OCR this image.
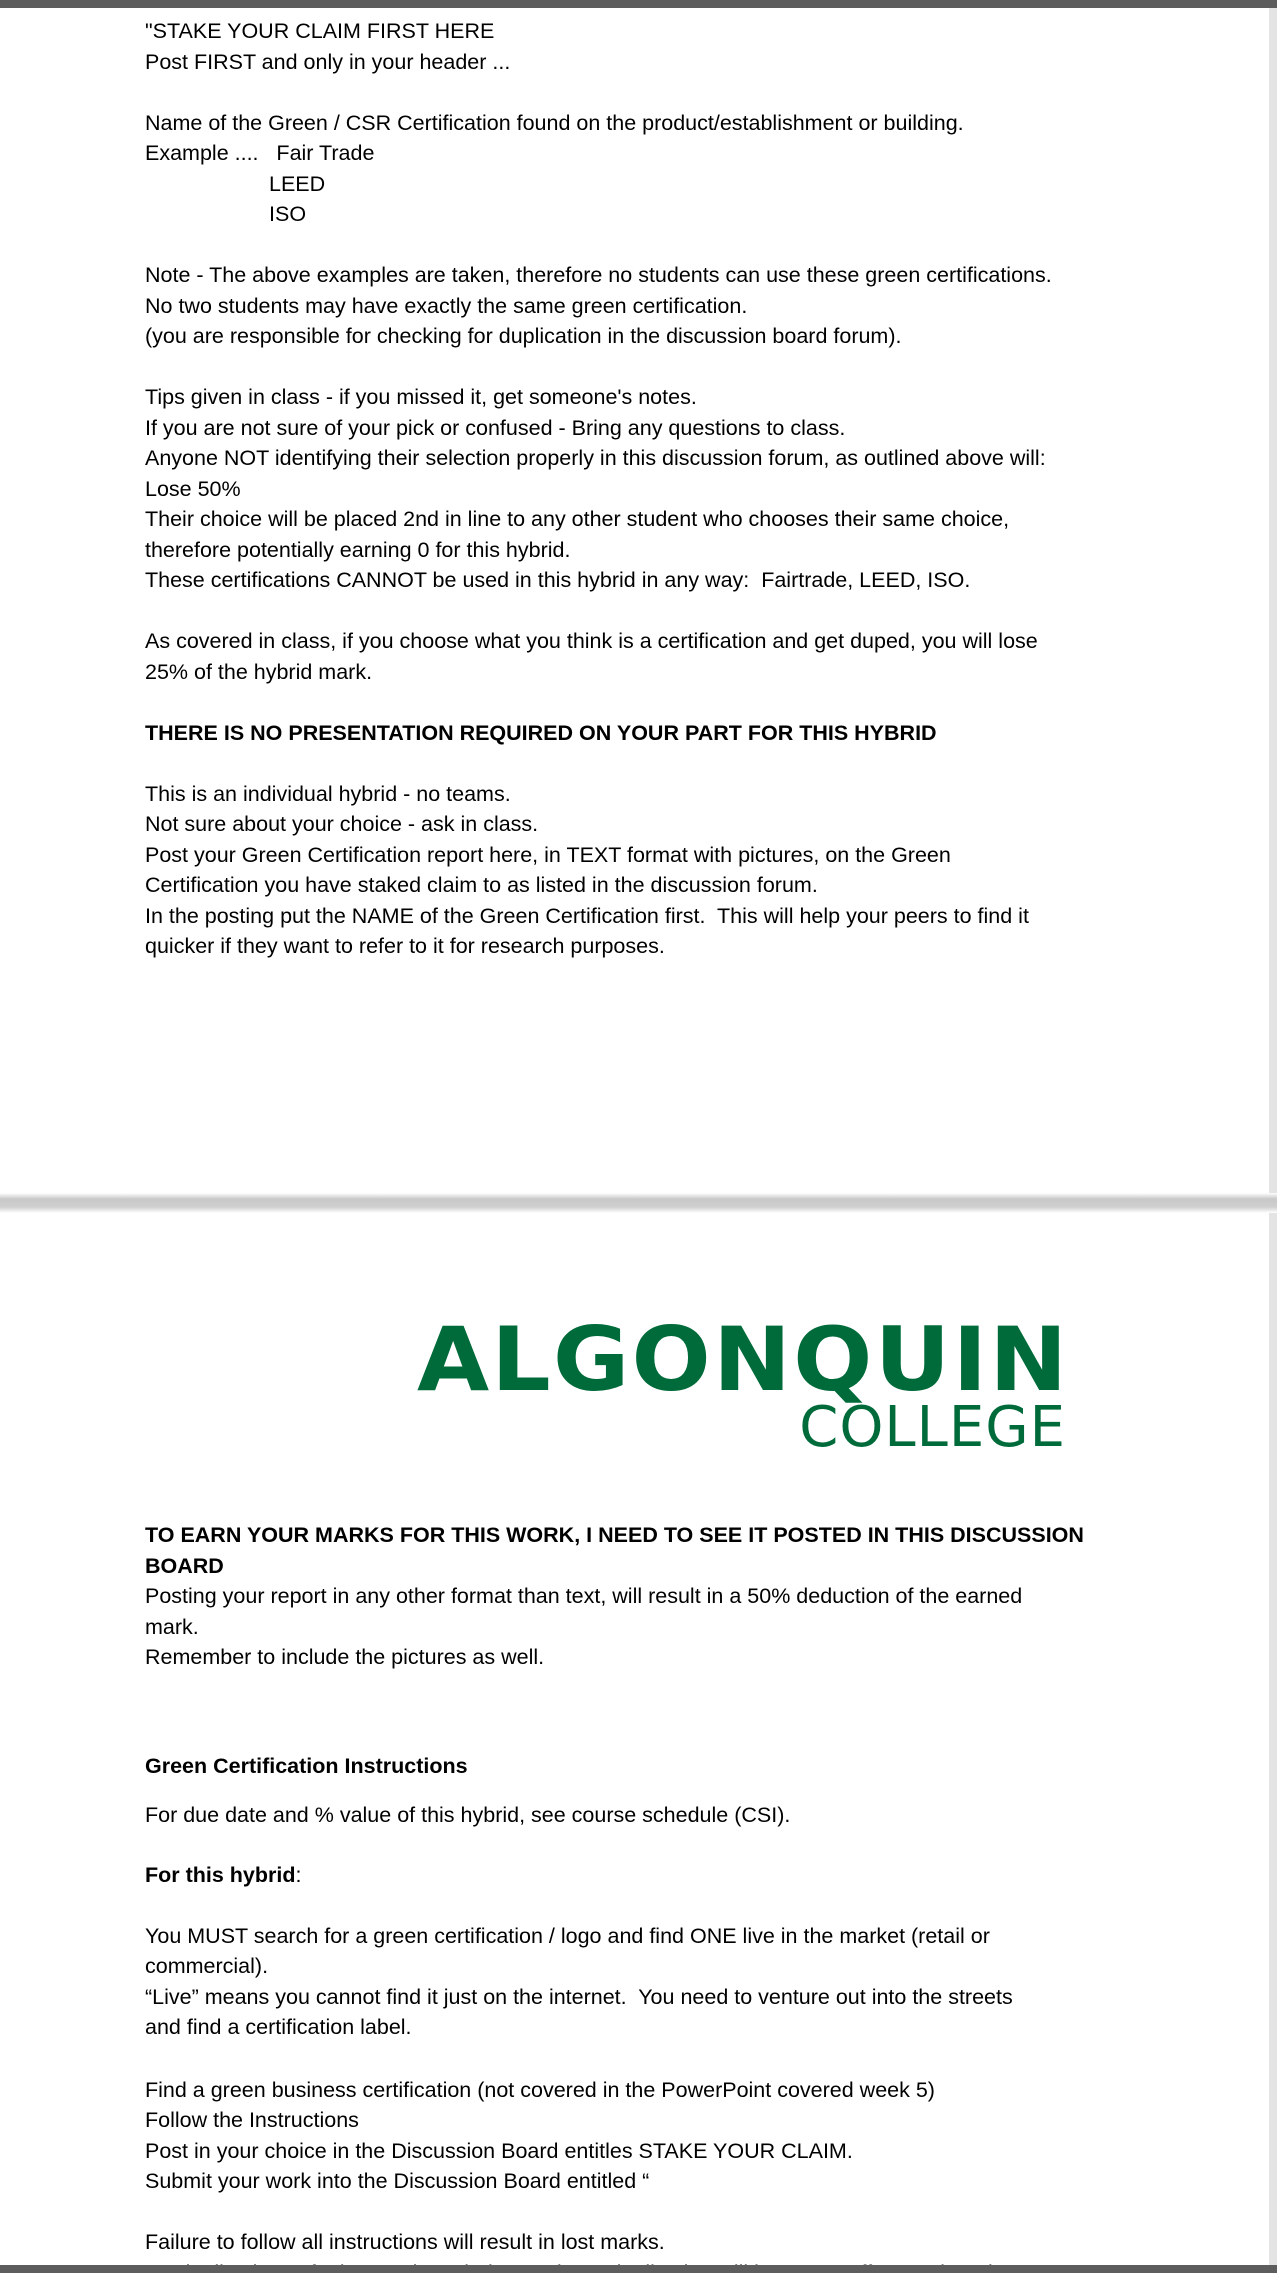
"STAKE YOUR CLAIM FIRST HERE

Post FIRST and only in your header ...

Name of the Green / CSR Certification found on the product/establishment or building.

Example ....   Fair Trade

LEED

ISO

Note - The above examples are taken, therefore no students can use these green certifications.

No two students may have exactly the same green certification.

(you are responsible for checking for duplication in the discussion board forum).

Tips given in class - if you missed it, get someone's notes.

If you are not sure of your pick or confused - Bring any questions to class.

Anyone NOT identifying their selection properly in this discussion forum, as outlined above will:

Lose 50%

Their choice will be placed 2nd in line to any other student who chooses their same choice,

therefore potentially earning 0 for this hybrid.

These certifications CANNOT be used in this hybrid in any way:  Fairtrade, LEED, ISO.

As covered in class, if you choose what you think is a certification and get duped, you will lose

25% of the hybrid mark.

THERE IS NO PRESENTATION REQUIRED ON YOUR PART FOR THIS HYBRID

This is an individual hybrid - no teams.

Not sure about your choice - ask in class.

Post your Green Certification report here, in TEXT format with pictures, on the Green

Certification you have staked claim to as listed in the discussion forum.

In the posting put the NAME of the Green Certification first.  This will help your peers to find it

quicker if they want to refer to it for research purposes.

ALGONQUIN
COLLEGE

TO EARN YOUR MARKS FOR THIS WORK, I NEED TO SEE IT POSTED IN THIS DISCUSSION

BOARD

Posting your report in any other format than text, will result in a 50% deduction of the earned

mark.

Remember to include the pictures as well.

Green Certification Instructions

For due date and % value of this hybrid, see course schedule (CSI).

For this hybrid:

You MUST search for a green certification / logo and find ONE live in the market (retail or

commercial).

“Live” means you cannot find it just on the internet.  You need to venture out into the streets

and find a certification label.

Find a green business certification (not covered in the PowerPoint covered week 5)

Follow the Instructions

Post in your choice in the Discussion Board entitles STAKE YOUR CLAIM.

Submit your work into the Discussion Board entitled “

Failure to follow all instructions will result in lost marks.
